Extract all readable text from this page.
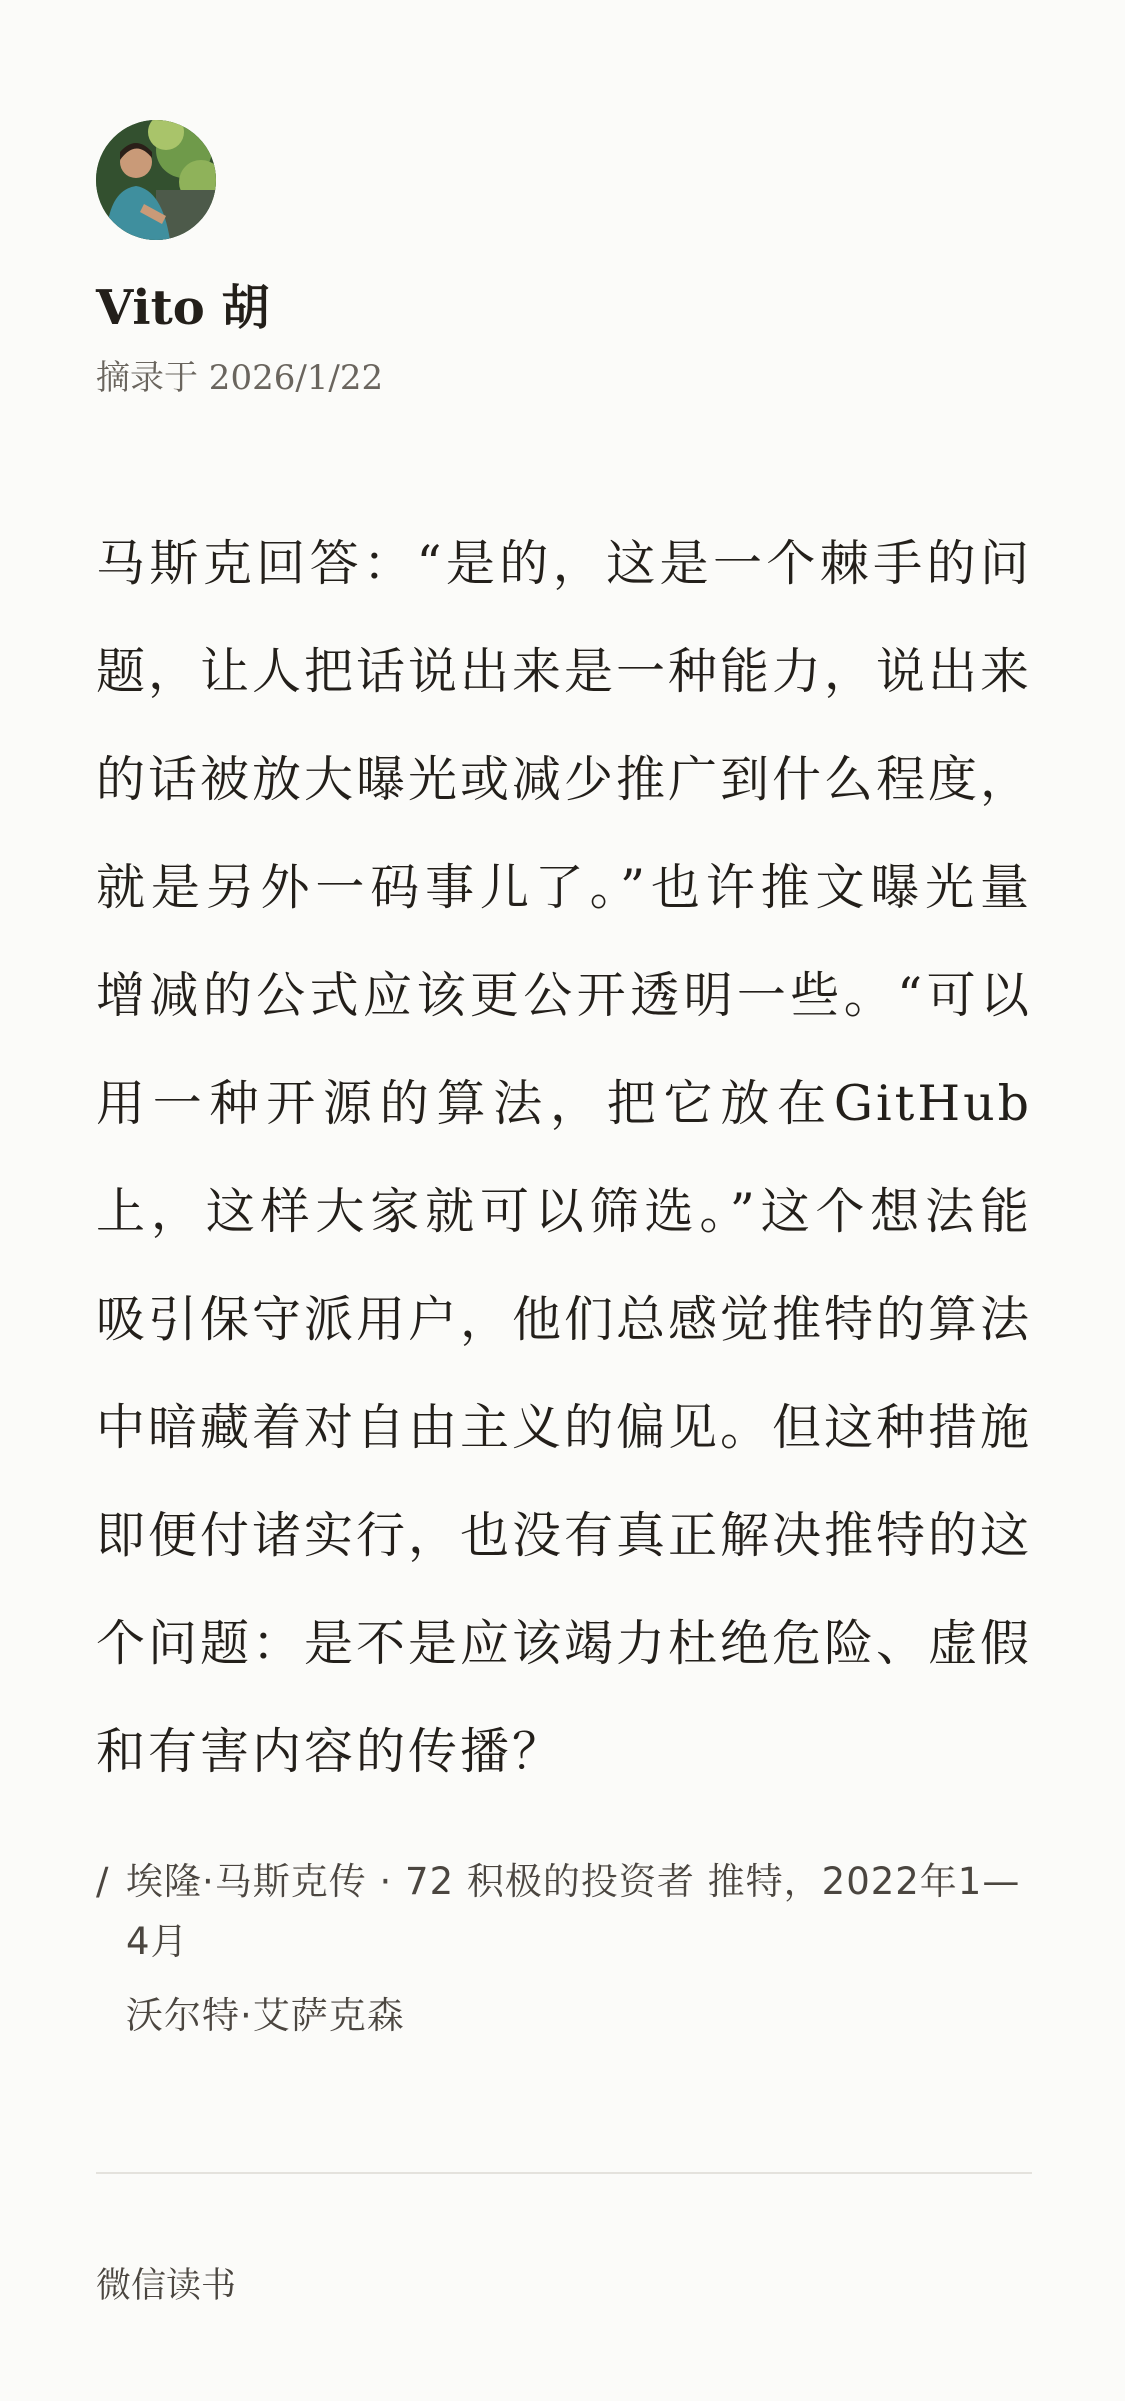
Vito 胡
摘录于 2026/1/22

马斯克回答：“是的，这是一个棘手的问题，让人把话说出来是一种能力，说出来的话被放大曝光或减少推广到什么程度，就是另外一码事儿了。”也许推文曝光量增减的公式应该更公开透明一些。“可以用一种开源的算法，把它放在GitHub上，这样大家就可以筛选。”这个想法能吸引保守派用户，他们总感觉推特的算法中暗藏着对自由主义的偏见。但这种措施即便付诸实行，也没有真正解决推特的这个问题：是不是应该竭力杜绝危险、虚假和有害内容的传播？

/ 埃隆·马斯克传 · 72 积极的投资者 推特，2022年1—4月
沃尔特·艾萨克森
微信读书
